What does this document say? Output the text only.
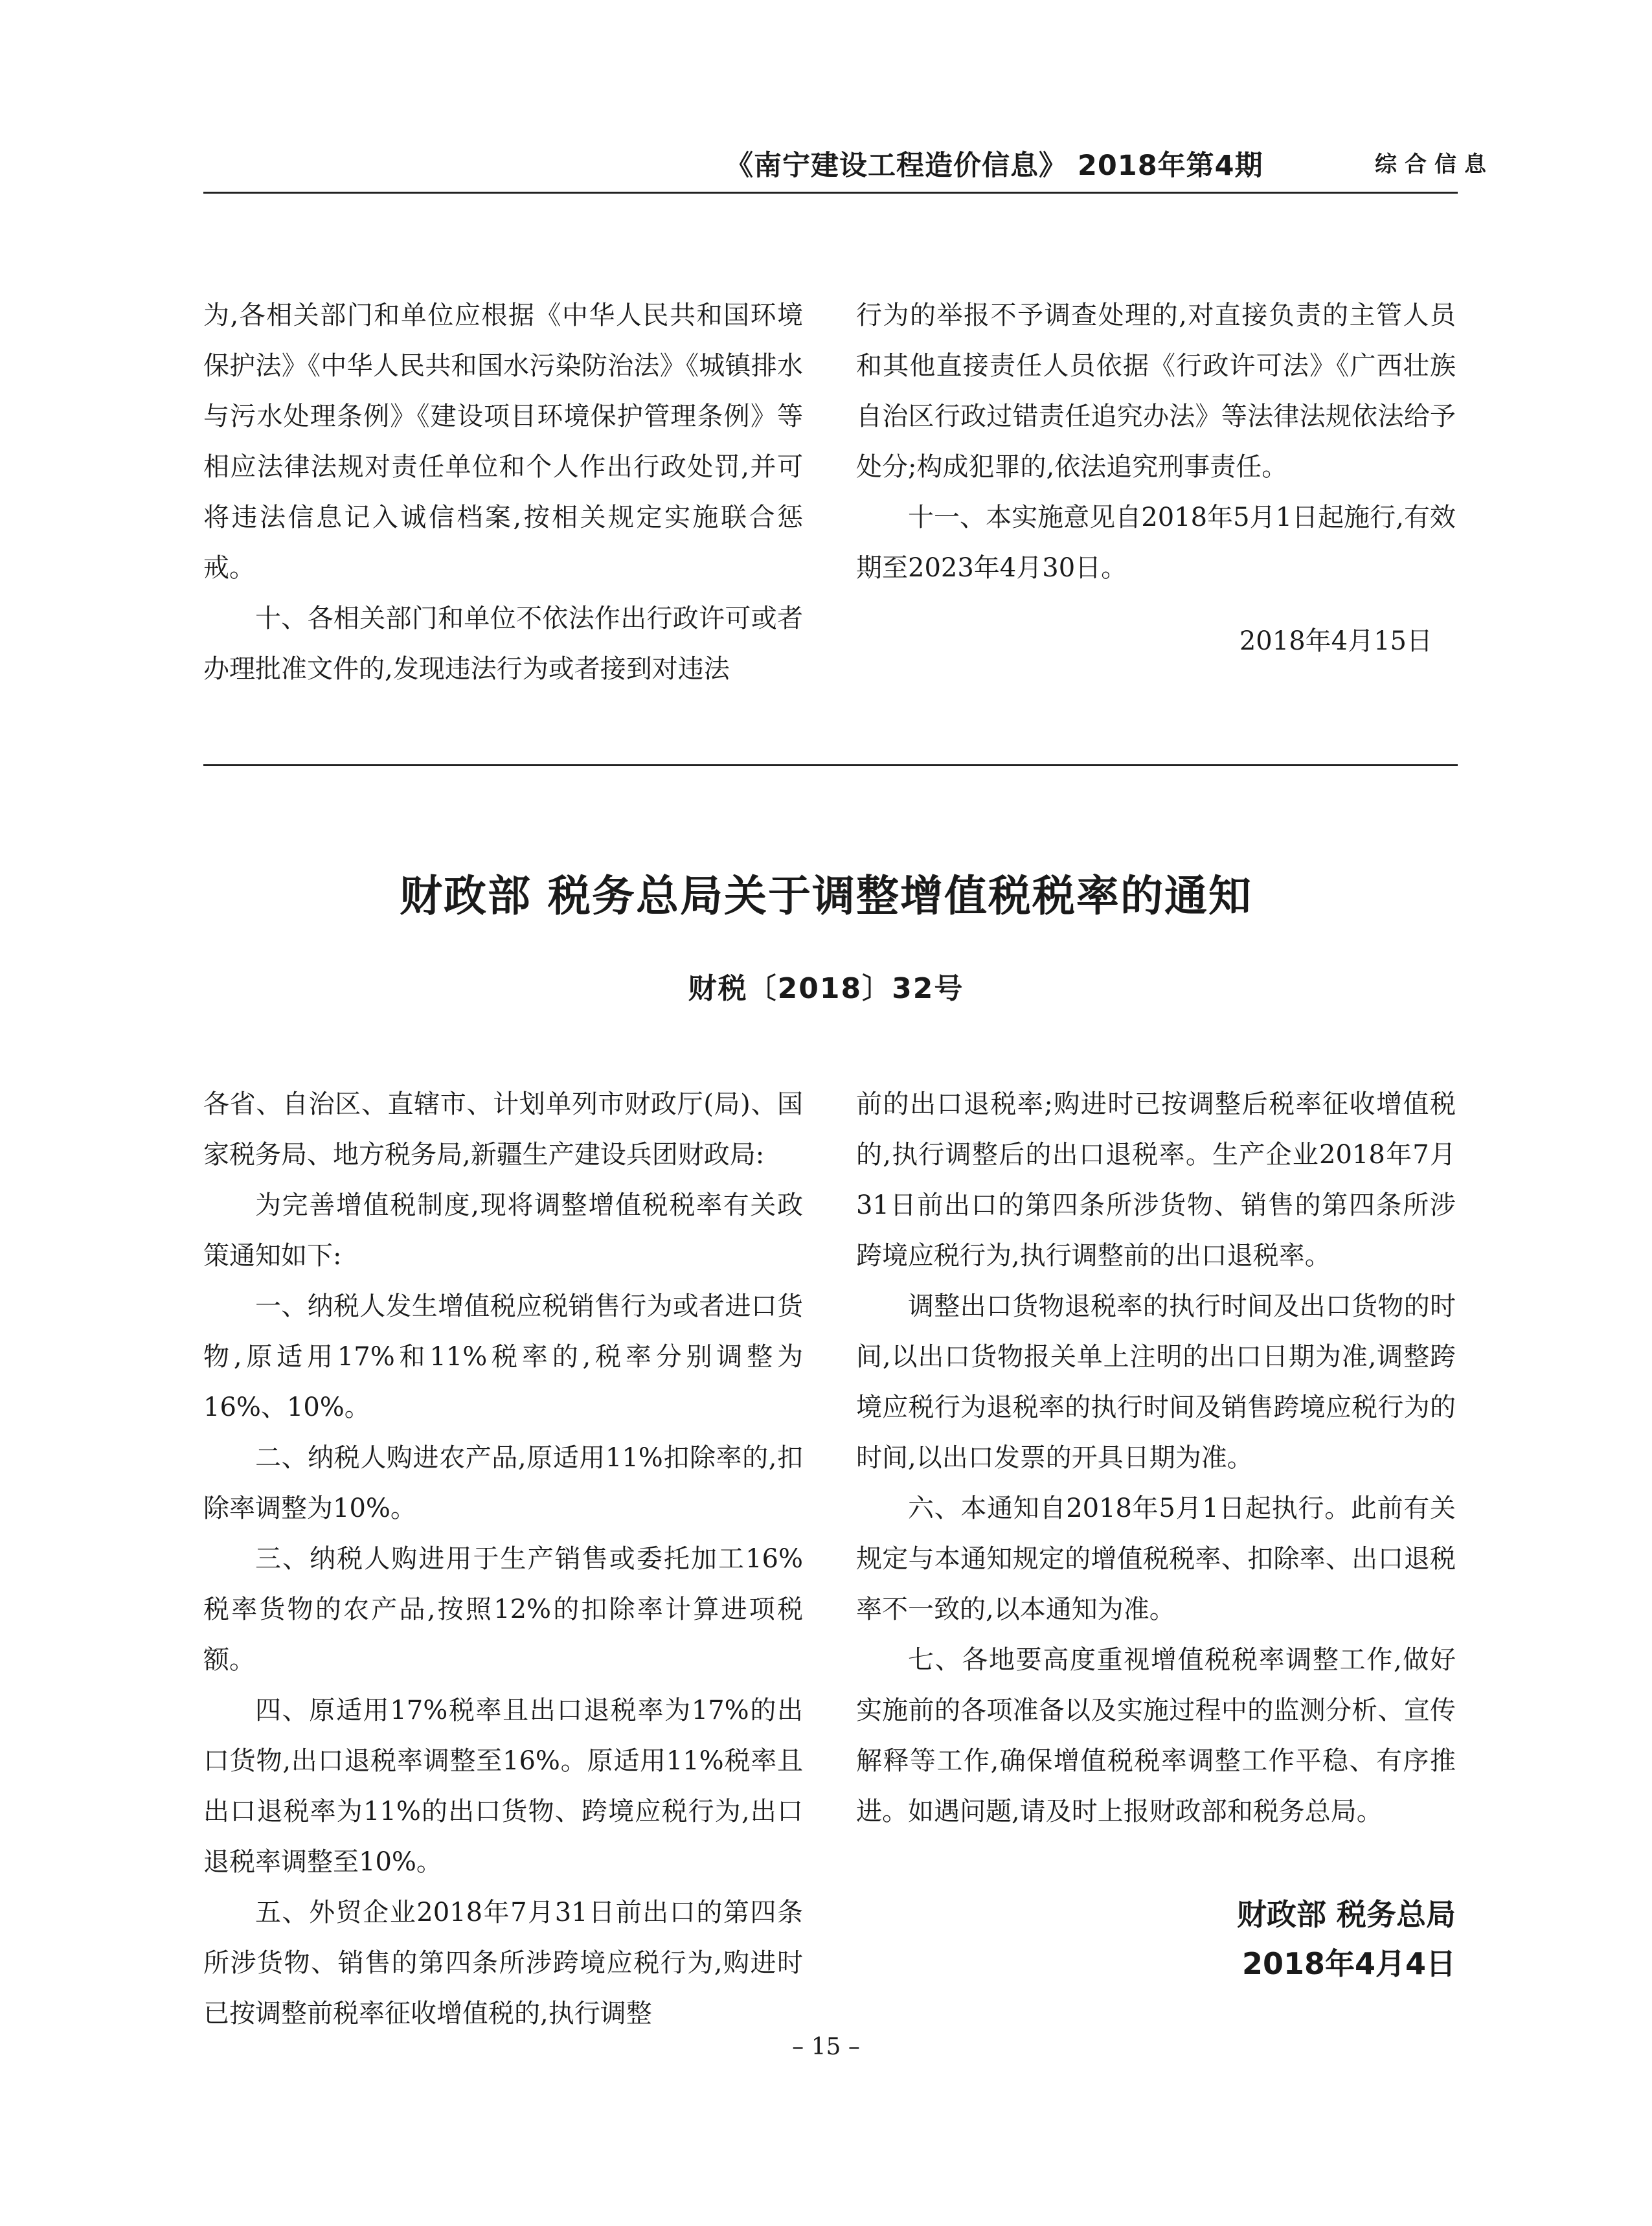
《南宁建设工程造价信息》 2018年第4期	综合信息

为,各相关部门和单位应根据《中华人民共和国环境保护法》《中华人民共和国水污染防治法》《城镇排水与污水处理条例》《建设项目环境保护管理条例》等相应法律法规对责任单位和个人作出行政处罚,并可将违法信息记入诚信档案,按相关规定实施联合惩戒。

十、各相关部门和单位不依法作出行政许可或者办理批准文件的,发现违法行为或者接到对违法

行为的举报不予调查处理的,对直接负责的主管人员和其他直接责任人员依据《行政许可法》《广西壮族自治区行政过错责任追究办法》等法律法规依法给予处分;构成犯罪的,依法追究刑事责任。

十一、本实施意见自2018年5月1日起施行,有效期至2023年4月30日。

2018年4月15日
财政部 税务总局关于调整增值税税率的通知
财税〔2018〕32号

各省、自治区、直辖市、计划单列市财政厅(局)、国家税务局、地方税务局,新疆生产建设兵团财政局:

为完善增值税制度,现将调整增值税税率有关政策通知如下:

一、纳税人发生增值税应税销售行为或者进口货物,原适用17%和11%税率的,税率分别调整为16%、10%。

二、纳税人购进农产品,原适用11%扣除率的,扣除率调整为10%。

三、纳税人购进用于生产销售或委托加工16%税率货物的农产品,按照12%的扣除率计算进项税额。

四、原适用17%税率且出口退税率为17%的出口货物,出口退税率调整至16%。原适用11%税率且出口退税率为11%的出口货物、跨境应税行为,出口退税率调整至10%。

五、外贸企业2018年7月31日前出口的第四条所涉货物、销售的第四条所涉跨境应税行为,购进时已按调整前税率征收增值税的,执行调整

前的出口退税率;购进时已按调整后税率征收增值税的,执行调整后的出口退税率。生产企业2018年7月31日前出口的第四条所涉货物、销售的第四条所涉跨境应税行为,执行调整前的出口退税率。

调整出口货物退税率的执行时间及出口货物的时间,以出口货物报关单上注明的出口日期为准,调整跨境应税行为退税率的执行时间及销售跨境应税行为的时间,以出口发票的开具日期为准。

六、本通知自2018年5月1日起执行。此前有关规定与本通知规定的增值税税率、扣除率、出口退税率不一致的,以本通知为准。

七、各地要高度重视增值税税率调整工作,做好实施前的各项准备以及实施过程中的监测分析、宣传解释等工作,确保增值税税率调整工作平稳、有序推进。如遇问题,请及时上报财政部和税务总局。

财政部 税务总局
2018年4月4日
– 15 –
